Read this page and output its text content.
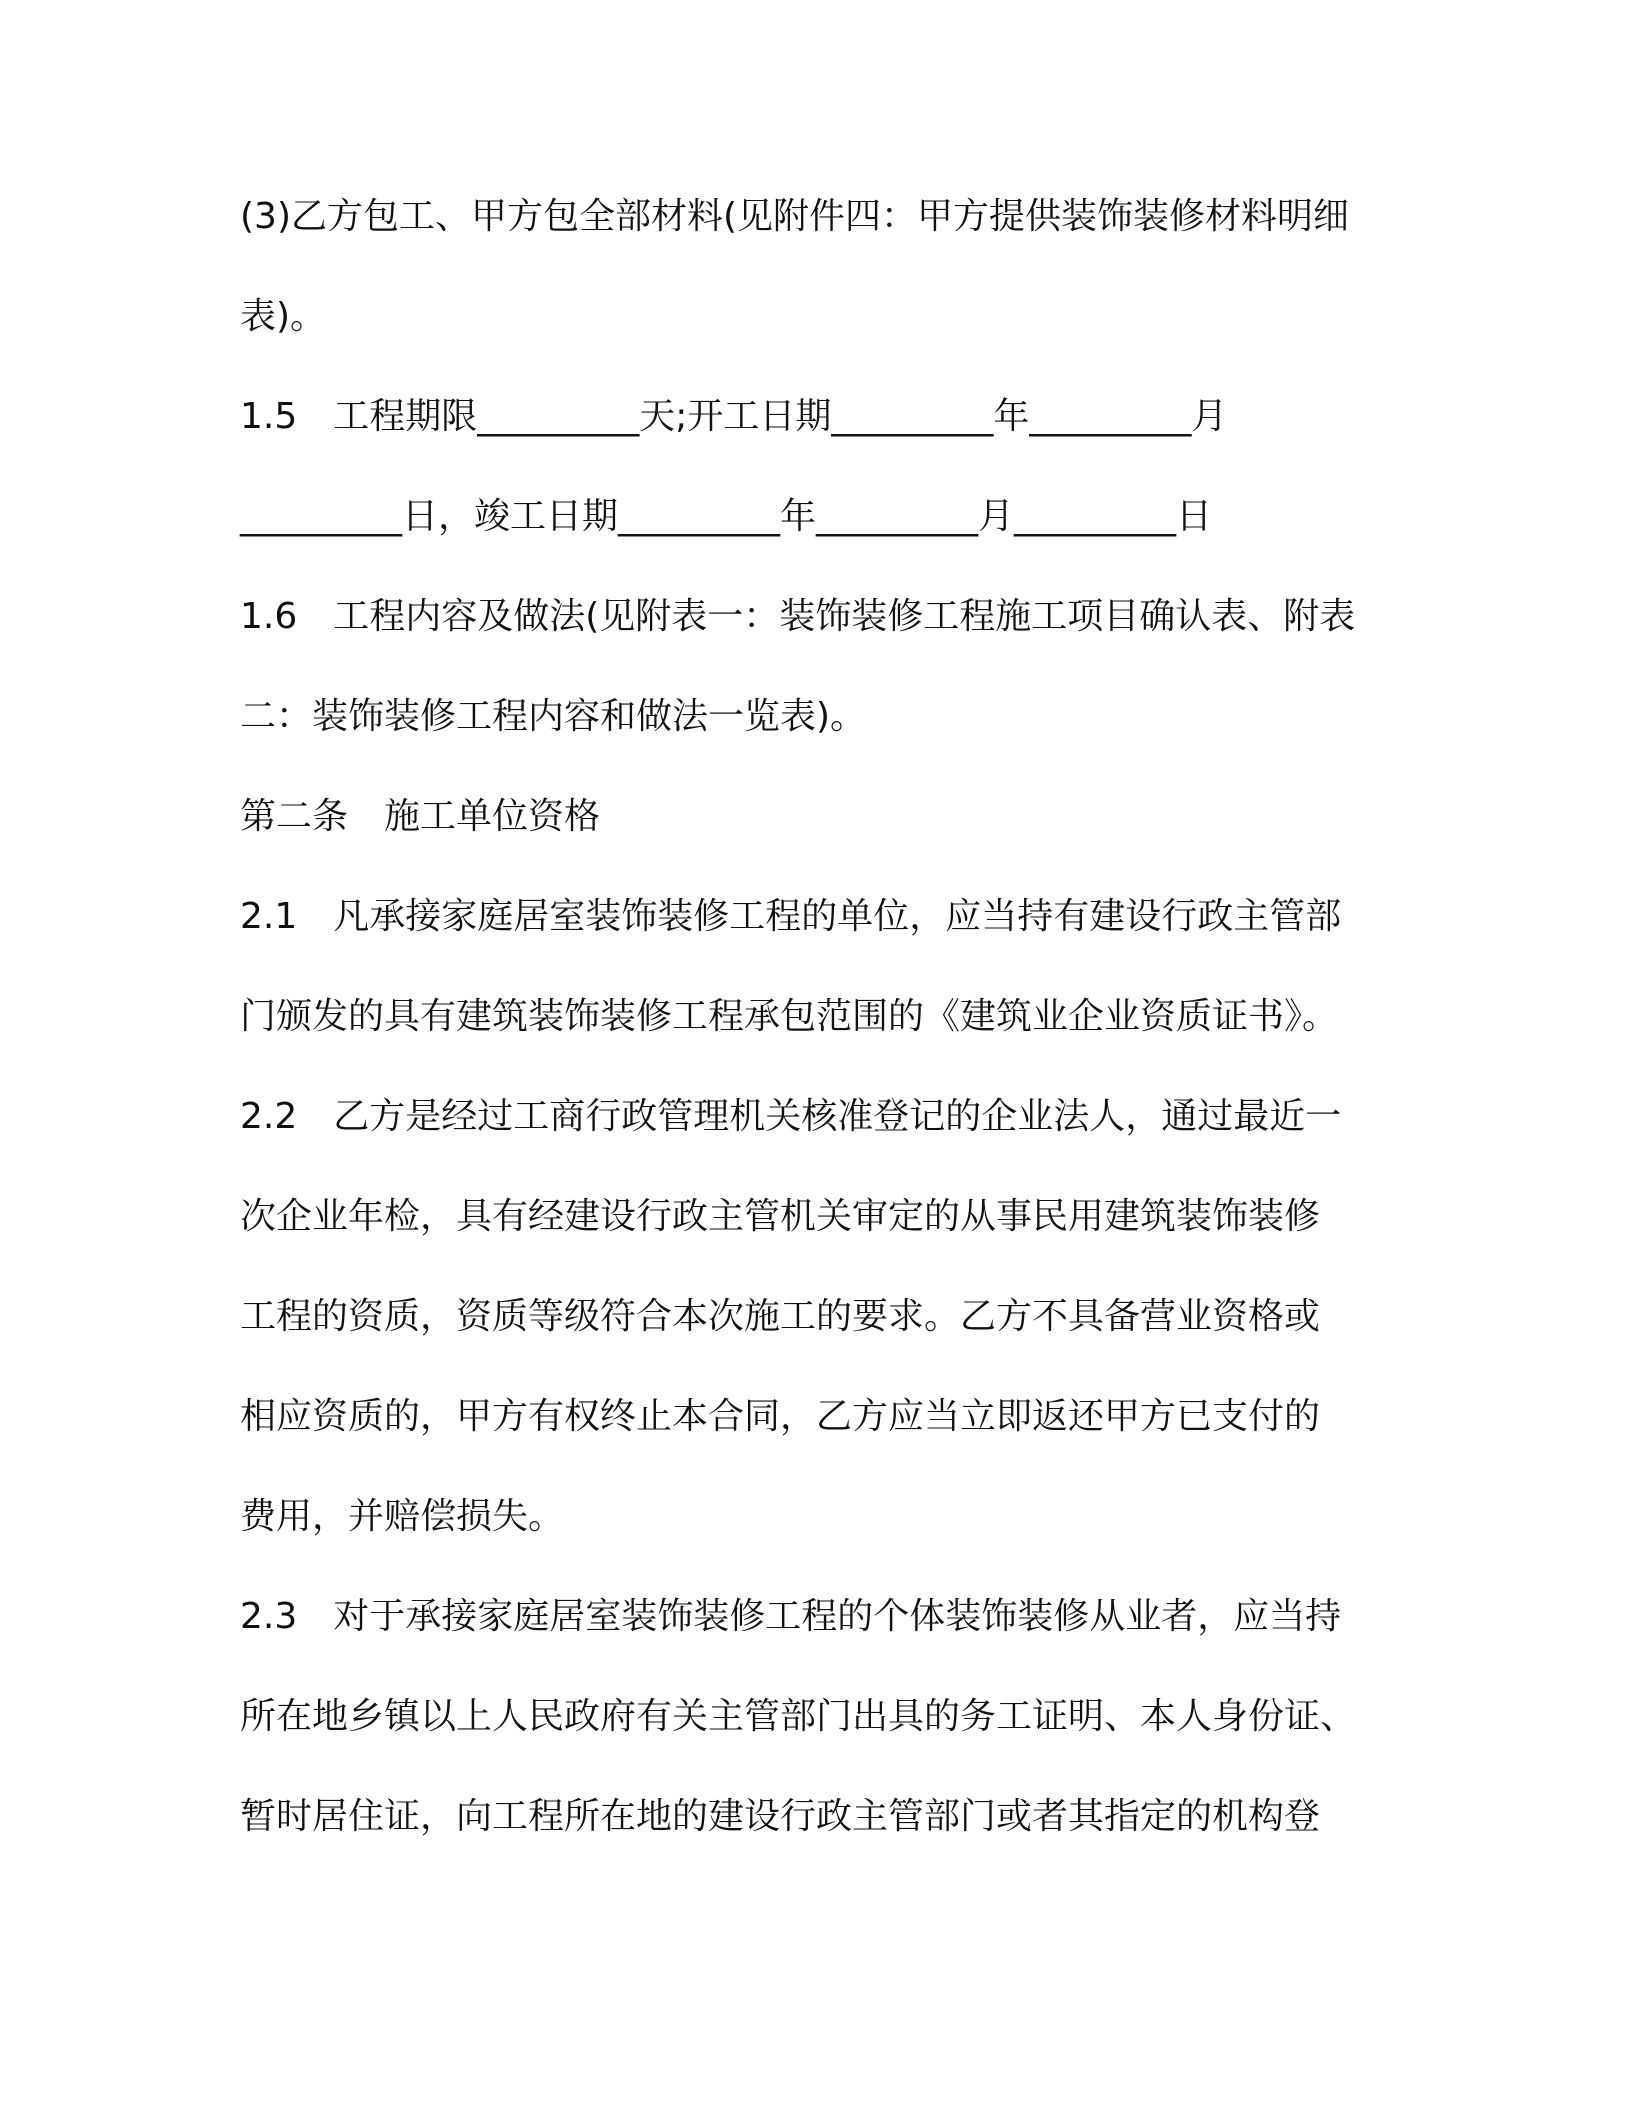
(3)乙方包工、甲方包全部材料(见附件四：甲方提供装饰装修材料明细
表)。
1.5　工程期限_________天;开工日期_________年_________月
_________日，竣工日期_________年_________月_________日
1.6　工程内容及做法(见附表一：装饰装修工程施工项目确认表、附表
二：装饰装修工程内容和做法一览表)。
第二条　施工单位资格
2.1　凡承接家庭居室装饰装修工程的单位，应当持有建设行政主管部
门颁发的具有建筑装饰装修工程承包范围的《建筑业企业资质证书》。
2.2　乙方是经过工商行政管理机关核准登记的企业法人，通过最近一
次企业年检，具有经建设行政主管机关审定的从事民用建筑装饰装修
工程的资质，资质等级符合本次施工的要求。乙方不具备营业资格或
相应资质的，甲方有权终止本合同，乙方应当立即返还甲方已支付的
费用，并赔偿损失。
2.3　对于承接家庭居室装饰装修工程的个体装饰装修从业者，应当持
所在地乡镇以上人民政府有关主管部门出具的务工证明、本人身份证、
暂时居住证，向工程所在地的建设行政主管部门或者其指定的机构登
